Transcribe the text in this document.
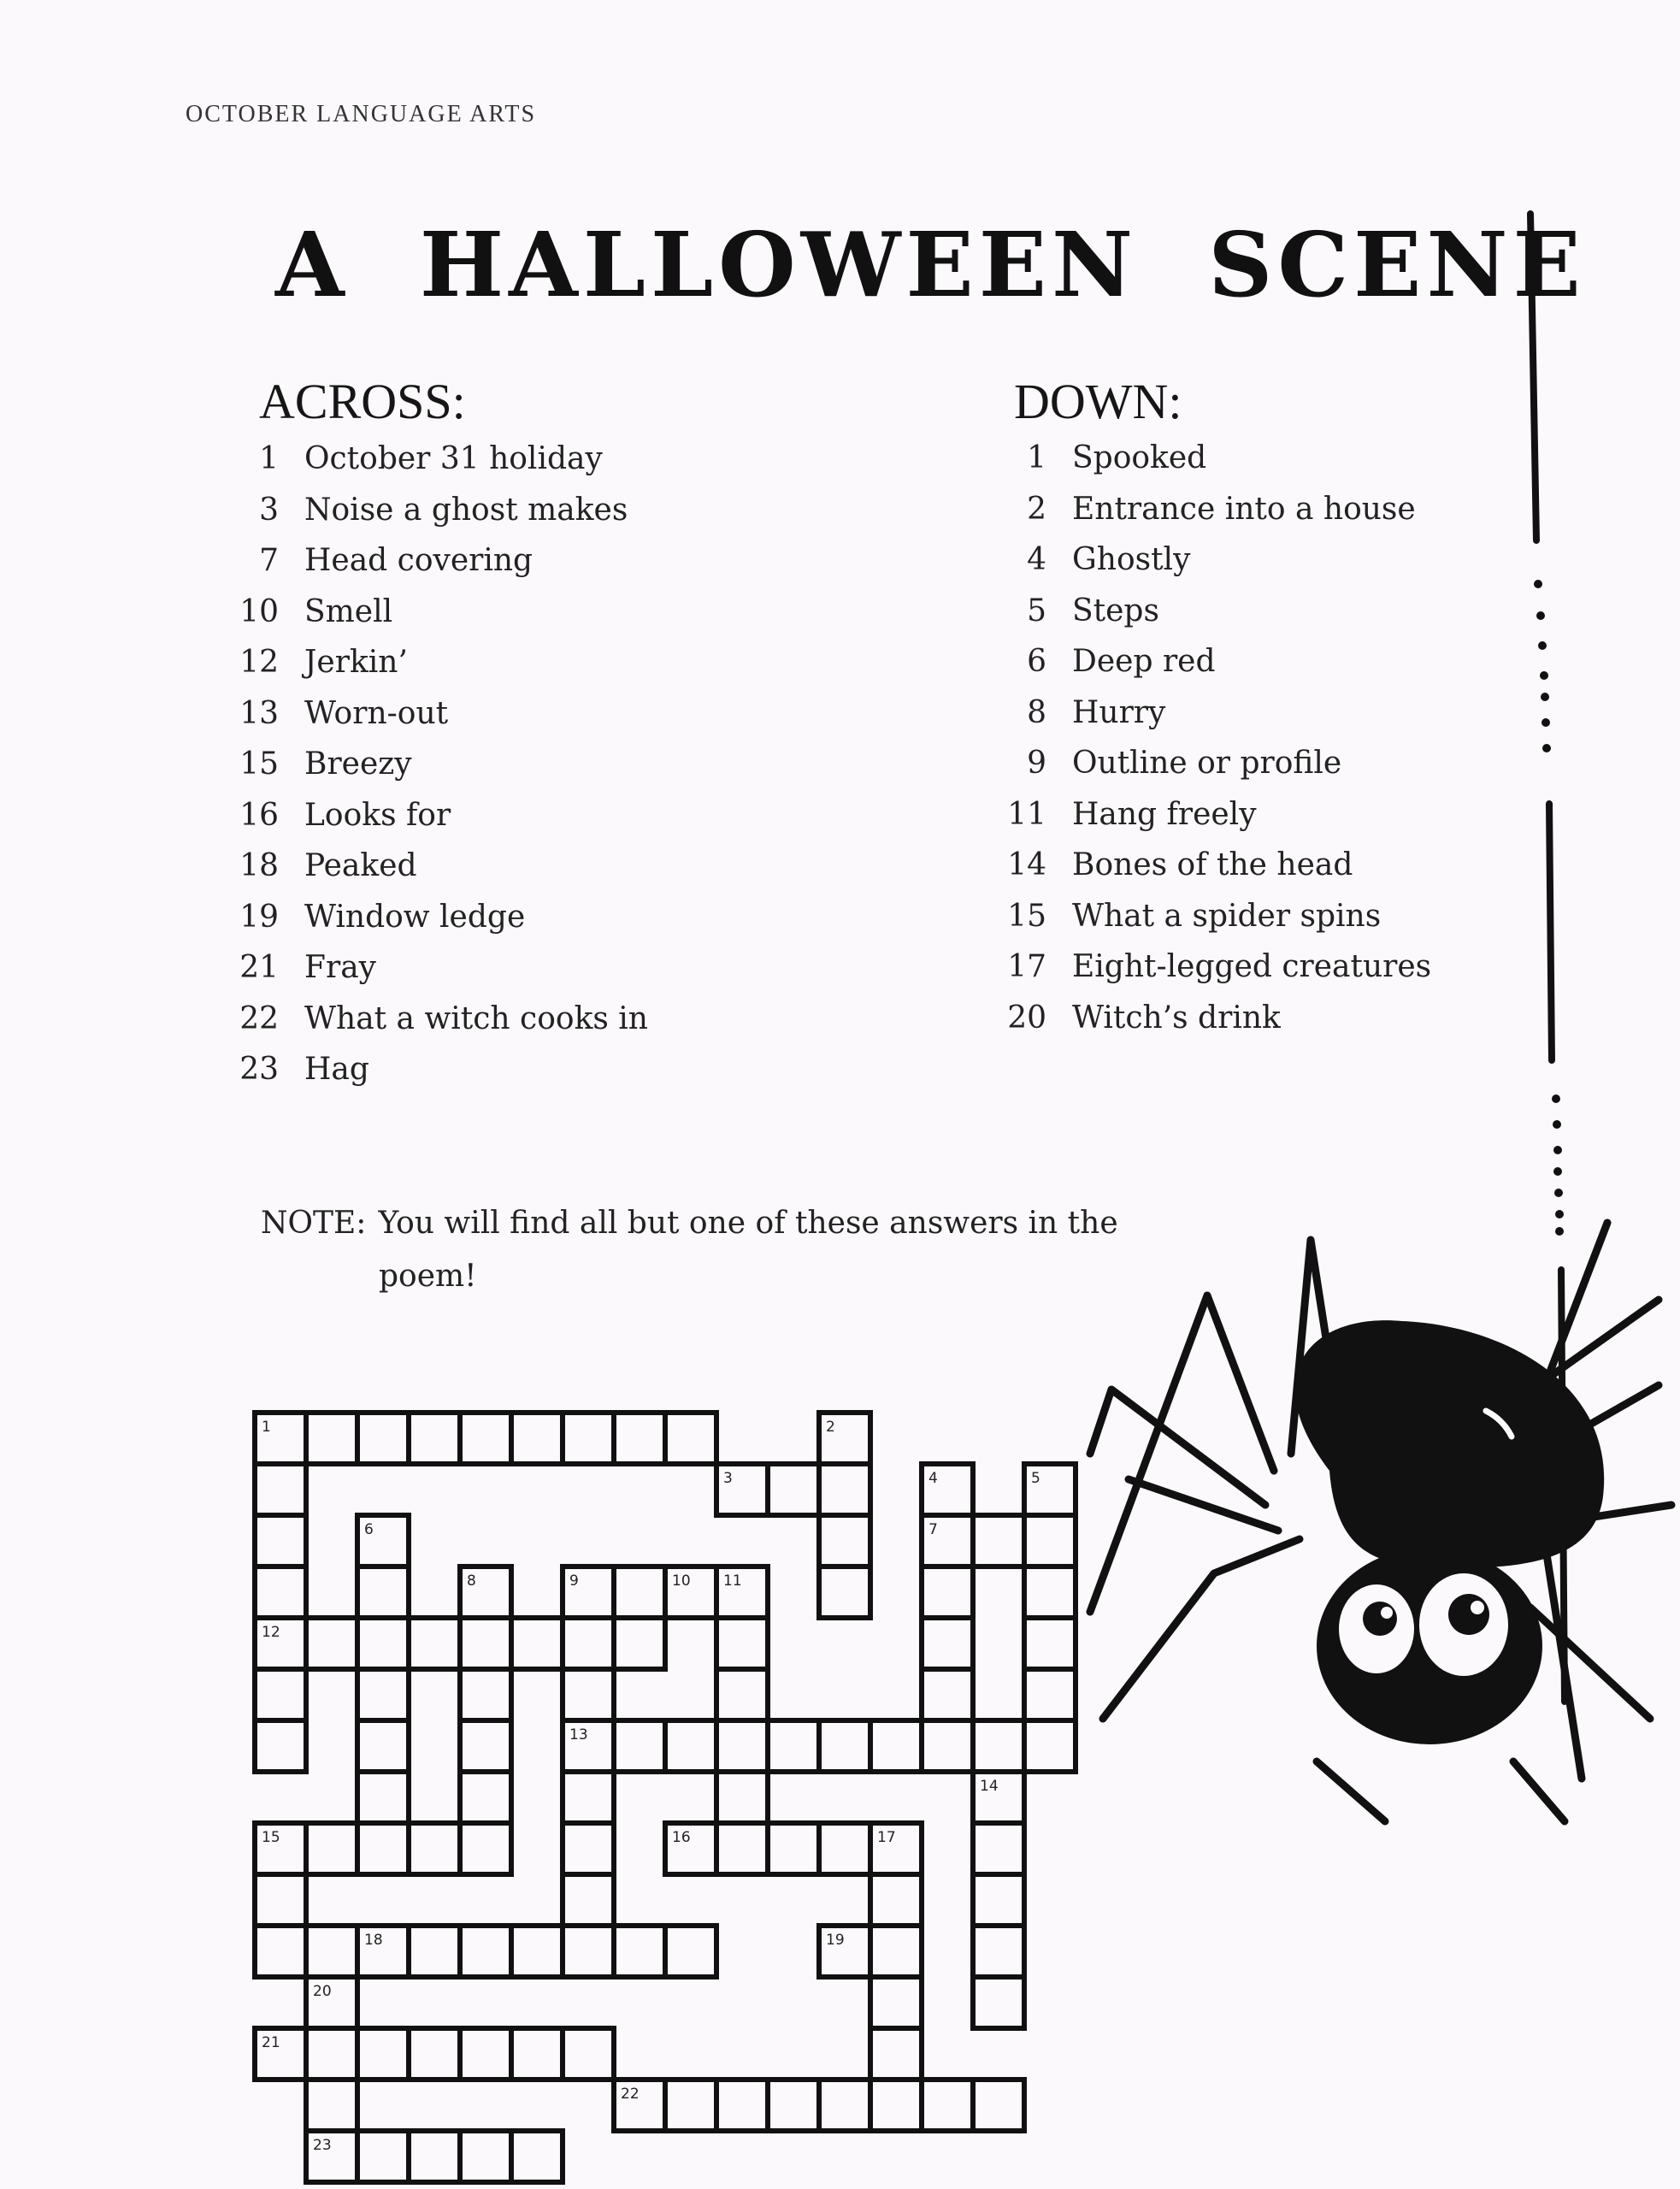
OCTOBER LANGUAGE ARTS
A HALLOWEEN SCENE
ACROSS:
1 October 31 holiday
3 Noise a ghost makes
7 Head covering
10 Smell
12 Jerkin’
13 Worn-out
15 Breezy
16 Looks for
18 Peaked
19 Window ledge
21 Fray
22 What a witch cooks in
23 Hag
DOWN:
1 Spooked
2 Entrance into a house
4 Ghostly
5 Steps
6 Deep red
8 Hurry
9 Outline or profile
11 Hang freely
14 Bones of the head
15 What a spider spins
17 Eight-legged creatures
20 Witch’s drink
NOTE: You will find all but one of these answers in the
poem!
1	2
3	4	5
6	7
8	9	10 11
12
13
14
15	16	17
18	19
20
21
22
23
